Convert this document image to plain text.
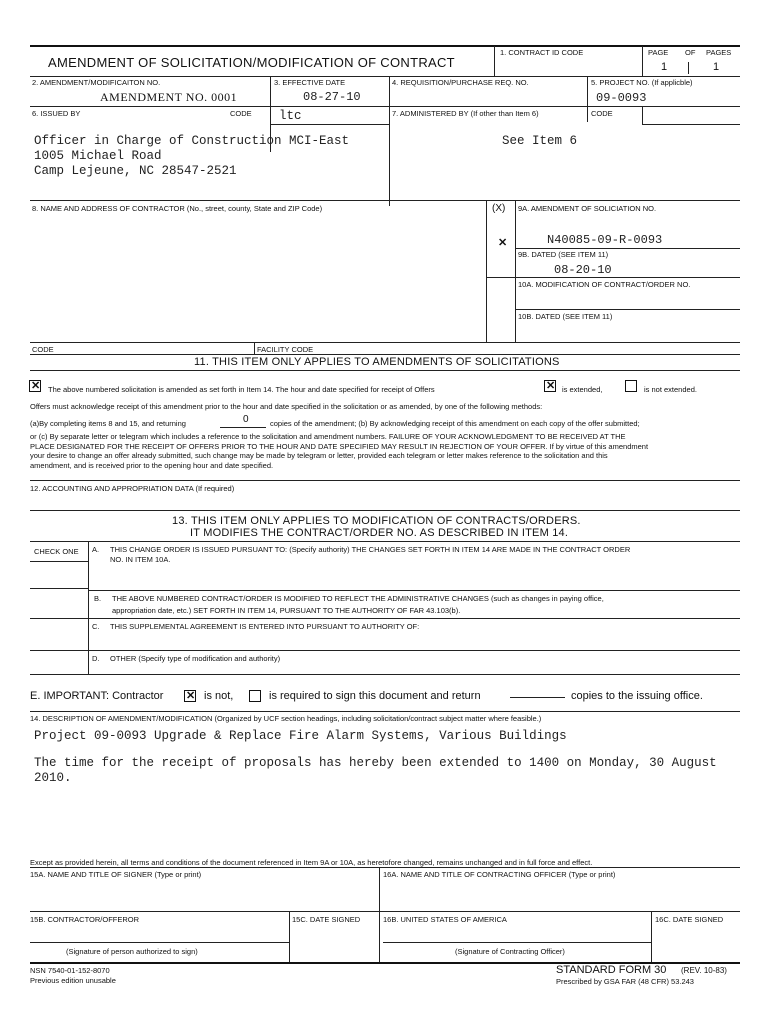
AMENDMENT OF SOLICITATION/MODIFICATION OF CONTRACT
1. CONTRACT ID CODE	PAGE OF PAGES
1	1
2. AMENDMENT/MODIFICAITON NO.
AMENDMENT NO. 0001
3. EFFECTIVE DATE
08-27-10
4. REQUISITION/PURCHASE REQ. NO.	5. PROJECT NO. (If applicble)
09-0093
6. ISSUED BY	CODE ltc	7. ADMINISTERED BY (If other than Item 6)	CODE
Officer in Charge of Construction MCI-East
1005 Michael Road
Camp Lejeune, NC 28547-2521
See Item 6
8. NAME AND ADDRESS OF CONTRACTOR (No., street, county, State and ZIP Code)	(X) 9A. AMENDMENT OF SOLICIATION NO.
✕	N40085-09-R-0093
9B. DATED (SEE ITEM 11)
08-20-10
10A. MODIFICATION OF CONTRACT/ORDER NO.
10B. DATED (SEE ITEM 11)
CODE	FACILITY CODE
11. THIS ITEM ONLY APPLIES TO AMENDMENTS OF SOLICITATIONS
✕
The above numbered solicitation is amended as set forth in Item 14. The hour and date specified for receipt of Offers ✕	is extended,	is not extended.
Offers must acknowledge receipt of this amendment prior to the hour and date specified in the solicitation or as amended, by one of the following methods:
(a)By completing items 8 and 15, and returning	0	copies of the amendment; (b) By acknowledging receipt of this amendment on each copy of the offer submitted;
or (c) By separate letter or telegram which includes a reference to the solicitation and amendment numbers. FAILURE OF YOUR ACKNOWLEDGMENT TO BE RECEIVED AT THE
PLACE DESIGNATED FOR THE RECEIPT OF OFFERS PRIOR TO THE HOUR AND DATE SPECIFIED MAY RESULT IN REJECTION OF YOUR OFFER. If by virtue of this amendment
your desire to change an offer already submitted, such change may be made by telegram or letter, provided each telegram or letter makes reference to the solicitation and this
amendment, and is received prior to the opening hour and date specified.
12. ACCOUNTING AND APPROPRIATION DATA (If required)
13. THIS ITEM ONLY APPLIES TO MODIFICATION OF CONTRACTS/ORDERS.
IT MODIFIES THE CONTRACT/ORDER NO. AS DESCRIBED IN ITEM 14.
CHECK ONE A. THIS CHANGE ORDER IS ISSUED PURSUANT TO: (Specify authority) THE CHANGES SET FORTH IN ITEM 14 ARE MADE IN THE CONTRACT ORDER
NO. IN ITEM 10A.
B. THE ABOVE NUMBERED CONTRACT/ORDER IS MODIFIED TO REFLECT THE ADMINISTRATIVE CHANGES (such as changes in paying office,
appropriation date, etc.) SET FORTH IN ITEM 14, PURSUANT TO THE AUTHORITY OF FAR 43.103(b).
C. THIS SUPPLEMENTAL AGREEMENT IS ENTERED INTO PURSUANT TO AUTHORITY OF:
D. OTHER (Specify type of modification and authority)
E. IMPORTANT: Contractor ✕	is not,	is required to sign this document and return	copies to the issuing office.
14. DESCRIPTION OF AMENDMENT/MODIFICATION (Organized by UCF section headings, including solicitation/contract subject matter where feasible.)
Project 09-0093 Upgrade & Replace Fire Alarm Systems, Various Buildings
The time for the receipt of proposals has hereby been extended to 1400 on Monday, 30 August
2010.
Except as provided herein, all terms and conditions of the document referenced in Item 9A or 10A, as heretofore changed, remains unchanged and in full force and effect.
15A. NAME AND TITLE OF SIGNER (Type or print)	16A. NAME AND TITLE OF CONTRACTING OFFICER (Type or print)
15B. CONTRACTOR/OFFEROR	15C. DATE SIGNED	16B. UNITED STATES OF AMERICA	16C. DATE SIGNED
(Signature of person authorized to sign)	(Signature of Contracting Officer)
NSN 7540-01-152-8070
Previous edition unusable
STANDARD FORM 30 (REV. 10-83)
Prescribed by GSA FAR (48 CFR) 53.243
